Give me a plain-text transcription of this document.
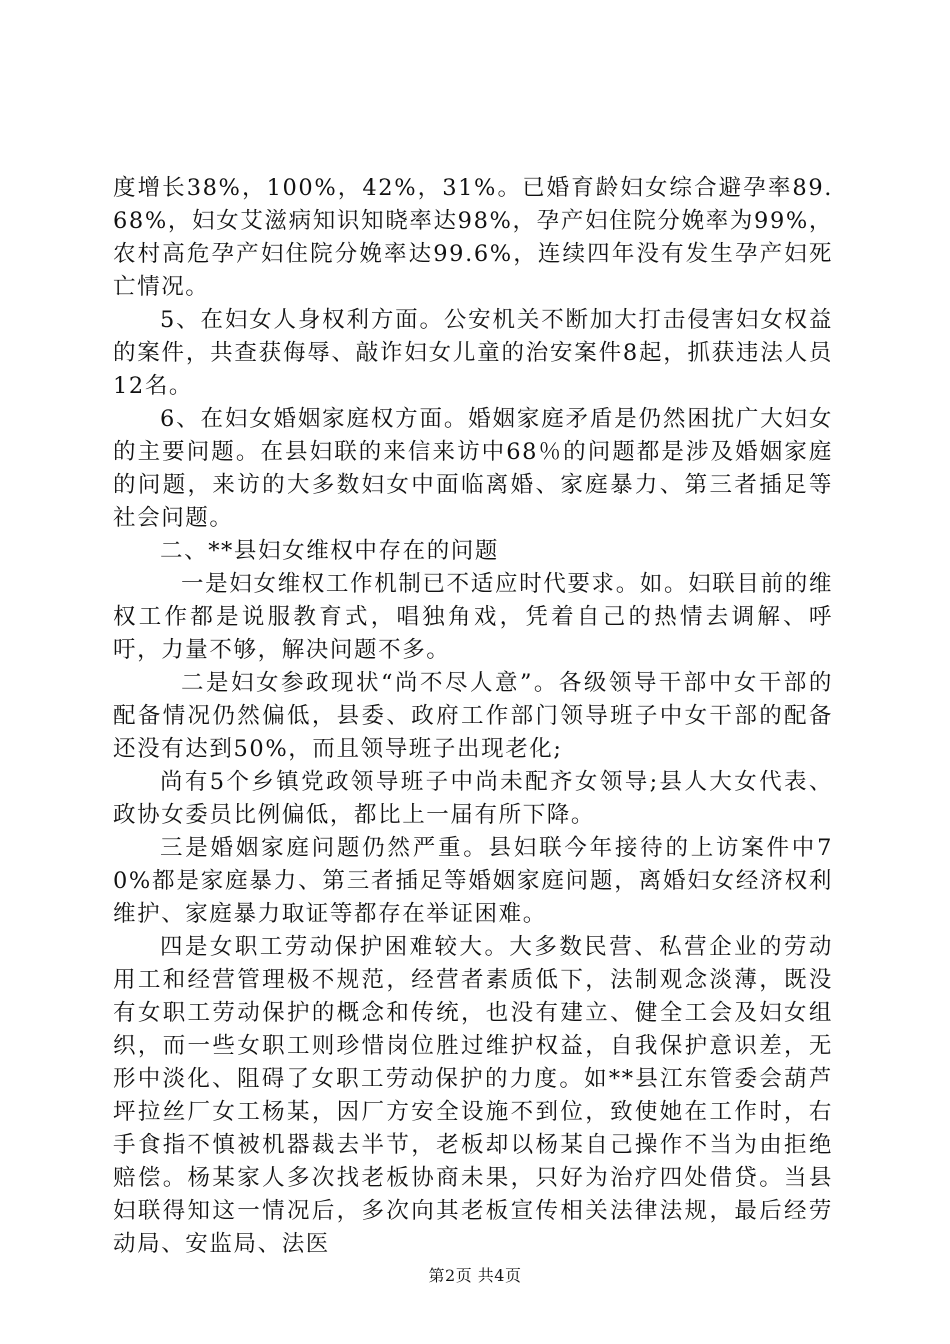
度增长38%，100%，42%，31%。已婚育龄妇女综合避孕率89.68%，妇女艾滋病知识知晓率达98%，孕产妇住院分娩率为99%，农村高危孕产妇住院分娩率达99.6%，连续四年没有发生孕产妇死亡情况。

5、在妇女人身权利方面。公安机关不断加大打击侵害妇女权益的案件，共查获侮辱、敲诈妇女儿童的治安案件8起，抓获违法人员12名。

6、在妇女婚姻家庭权方面。婚姻家庭矛盾是仍然困扰广大妇女的主要问题。在县妇联的来信来访中68％的问题都是涉及婚姻家庭的问题，来访的大多数妇女中面临离婚、家庭暴力、第三者插足等社会问题。

二、**县妇女维权中存在的问题

一是妇女维权工作机制已不适应时代要求。如。妇联目前的维权工作都是说服教育式，唱独角戏，凭着自己的热情去调解、呼吁，力量不够，解决问题不多。

二是妇女参政现状“尚不尽人意”。各级领导干部中女干部的配备情况仍然偏低，县委、政府工作部门领导班子中女干部的配备还没有达到50%，而且领导班子出现老化;

尚有5个乡镇党政领导班子中尚未配齐女领导;县人大女代表、政协女委员比例偏低，都比上一届有所下降。

三是婚姻家庭问题仍然严重。县妇联今年接待的上访案件中70%都是家庭暴力、第三者插足等婚姻家庭问题，离婚妇女经济权利维护、家庭暴力取证等都存在举证困难。

四是女职工劳动保护困难较大。大多数民营、私营企业的劳动用工和经营管理极不规范，经营者素质低下，法制观念淡薄，既没有女职工劳动保护的概念和传统，也没有建立、健全工会及妇女组织，而一些女职工则珍惜岗位胜过维护权益，自我保护意识差，无形中淡化、阻碍了女职工劳动保护的力度。如**县江东管委会葫芦坪拉丝厂女工杨某，因厂方安全设施不到位，致使她在工作时，右手食指不慎被机器裁去半节，老板却以杨某自己操作不当为由拒绝赔偿。杨某家人多次找老板协商未果，只好为治疗四处借贷。当县妇联得知这一情况后，多次向其老板宣传相关法律法规，最后经劳动局、安监局、法医

第2页 共4页
